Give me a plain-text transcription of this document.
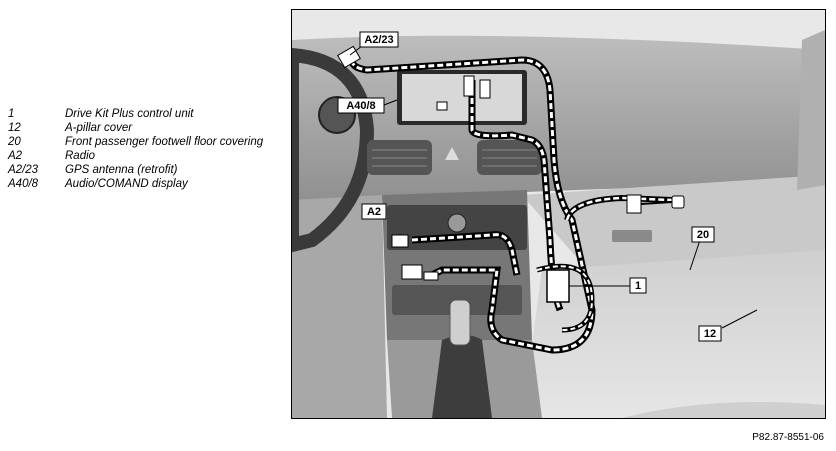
1	Drive Kit Plus control unit
12	A-pillar cover
20	Front passenger footwell floor covering
A2	Radio
A2/23	GPS antenna (retrofit)
A40/8	Audio/COMAND display
A2/23
A40/8
A2
1
20
12
P82.87-8551-06
